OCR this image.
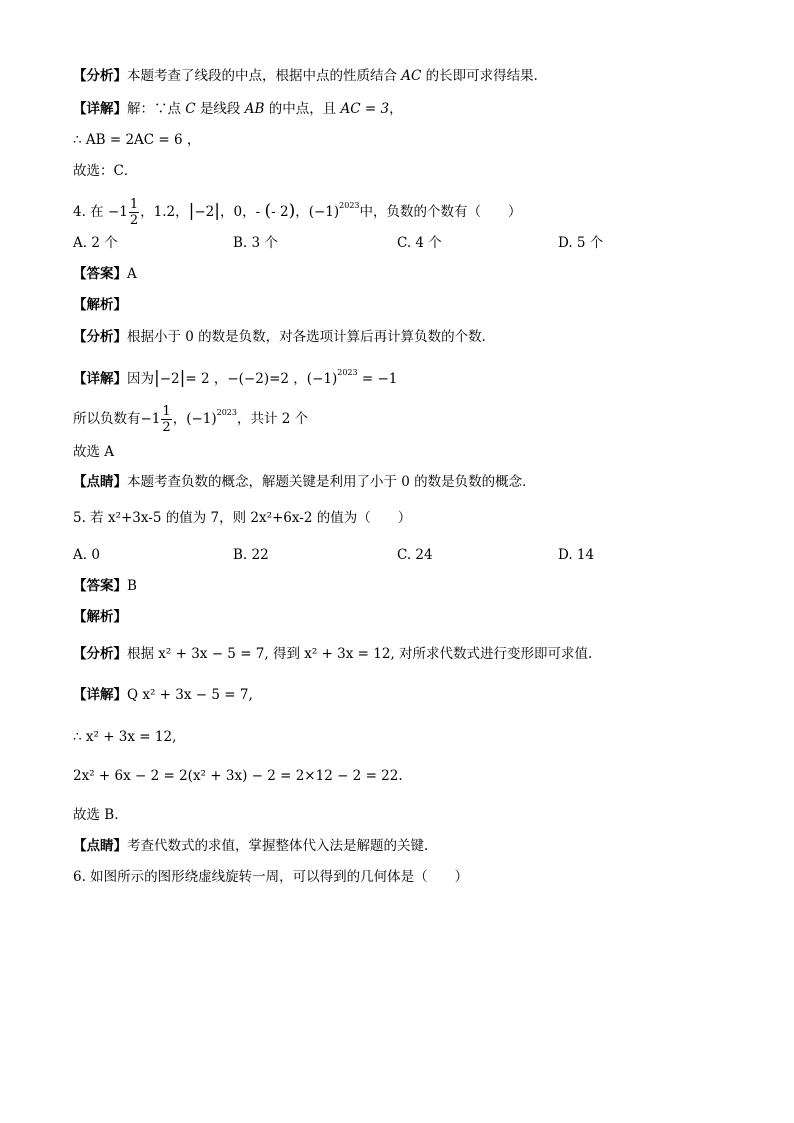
【分析】本题考查了线段的中点，根据中点的性质结合 AC 的长即可求得结果．
【详解】解：∵点 C 是线段 AB 的中点，且 AC = 3，
∴ AB = 2AC = 6 ，
故选：C．
4. 在 $-1 \frac{1}{2}$ ，1.2，|−2|，0，- (- 2)，$(-1)^{2023}$中，负数的个数有（　　）
A. 2 个	B. 3 个	C. 4 个	D. 5 个
【答案】A
【解析】
【分析】根据小于 0 的数是负数，对各选项计算后再计算负数的个数．
【详解】因为|−2|= 2 ，−(−2)=2 ，$(-1)^{2023} = -1$
所以负数有$-1 \frac{1}{2}$ ，$(-1)^{2023}$，共计 2 个
故选 A
【点睛】本题考查负数的概念，解题关键是利用了小于 0 的数是负数的概念．
5. 若 x²+3x-5 的值为 7，则 2x²+6x-2 的值为（　　）
A. 0	B. 22	C. 24	D. 14
【答案】B
【解析】
【分析】根据 x² + 3x − 5 = 7, 得到 x² + 3x = 12, 对所求代数式进行变形即可求值.
【详解】Q x² + 3x − 5 = 7,
∴ x² + 3x = 12,
2x² + 6x − 2 = 2(x² + 3x) − 2 = 2×12 − 2 = 22.
故选 B.
【点睛】考查代数式的求值，掌握整体代入法是解题的关键.
6. 如图所示的图形绕虚线旋转一周，可以得到的几何体是（　　）
